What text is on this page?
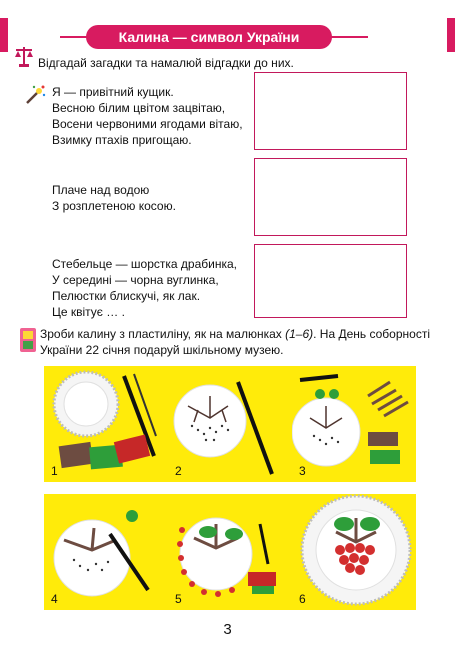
Калина — символ України
Відгадай загадки та намалюй відгадки до них.
Я — привітний кущик.
Весною білим цвітом зацвітаю,
Восени червоними ягодами вітаю,
Взимку птахів пригощаю.
Плаче над водою
З розплетеною косою.
Стебельце — шорстка драбинка,
У середині — чорна вуглинка,
Пелюстки блискучі, як лак.
Це квітує … .
Зроби калину з пластиліну, як на малюнках (1–6). На День соборності України 22 січня подаруй шкільному музею.
1	2	3
4	5	6
3
